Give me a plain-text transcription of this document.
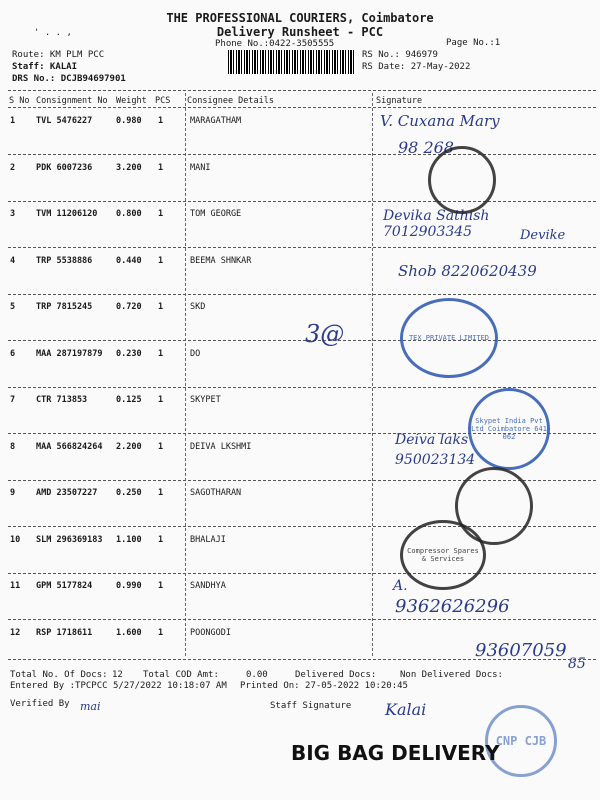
' . . ,
THE PROFESSIONAL COURIERS, Coimbatore
Delivery Runsheet - PCC
Phone No.:0422-3505555	Page No.:1
Route: KM PLM PCC
Staff: KALAI
DRS No.: DCJB94697901
RS No.: 946979
RS Date: 27-May-2022
S No Consignment No Weight PCS Consignee Details	Signature
1 TVL 5476227	0.980 1	MARAGATHAM
2 PDK 6007236	3.200 1	MANI
3 TVM 11206120 0.800 1	TOM GEORGE
4 TRP 5538886	0.440 1	BEEMA SHNKAR
5 TRP 7815245	0.720 1	SKD
6 MAA 287197879 0.230 1	DO
7 CTR 713853	0.125 1	SKYPET
8 MAA 566824264 2.200 1	DEIVA LKSHMI
9 AMD 23507227 0.250 1	SAGOTHARAN
10 SLM 296369183 1.100 1	BHALAJI
11 GPM 5177824	0.990 1	SANDHYA
12 RSP 1718611	1.600 1	POONGODI
V. Cuxana Mary
98 268
Devika Sathish
7012903345	Devike
Shob 8220620439
3@
Deiva laks
950023134
A.
9362626296
93607059
85
mai	Kalai
TEX PRIVATE LIMITED
Skypet India Pvt Ltd Coimbatore 641 062
Compressor Spares & Services
CNP CJB
Total No. Of Docs: 12 Total COD Amt:	0.00	Delivered Docs:	Non Delivered Docs:
Entered By :TPCPCC 5/27/2022 10:18:07 AM Printed On: 27-05-2022 10:20:45
Verified By	Staff Signature
BIG BAG DELIVERY
